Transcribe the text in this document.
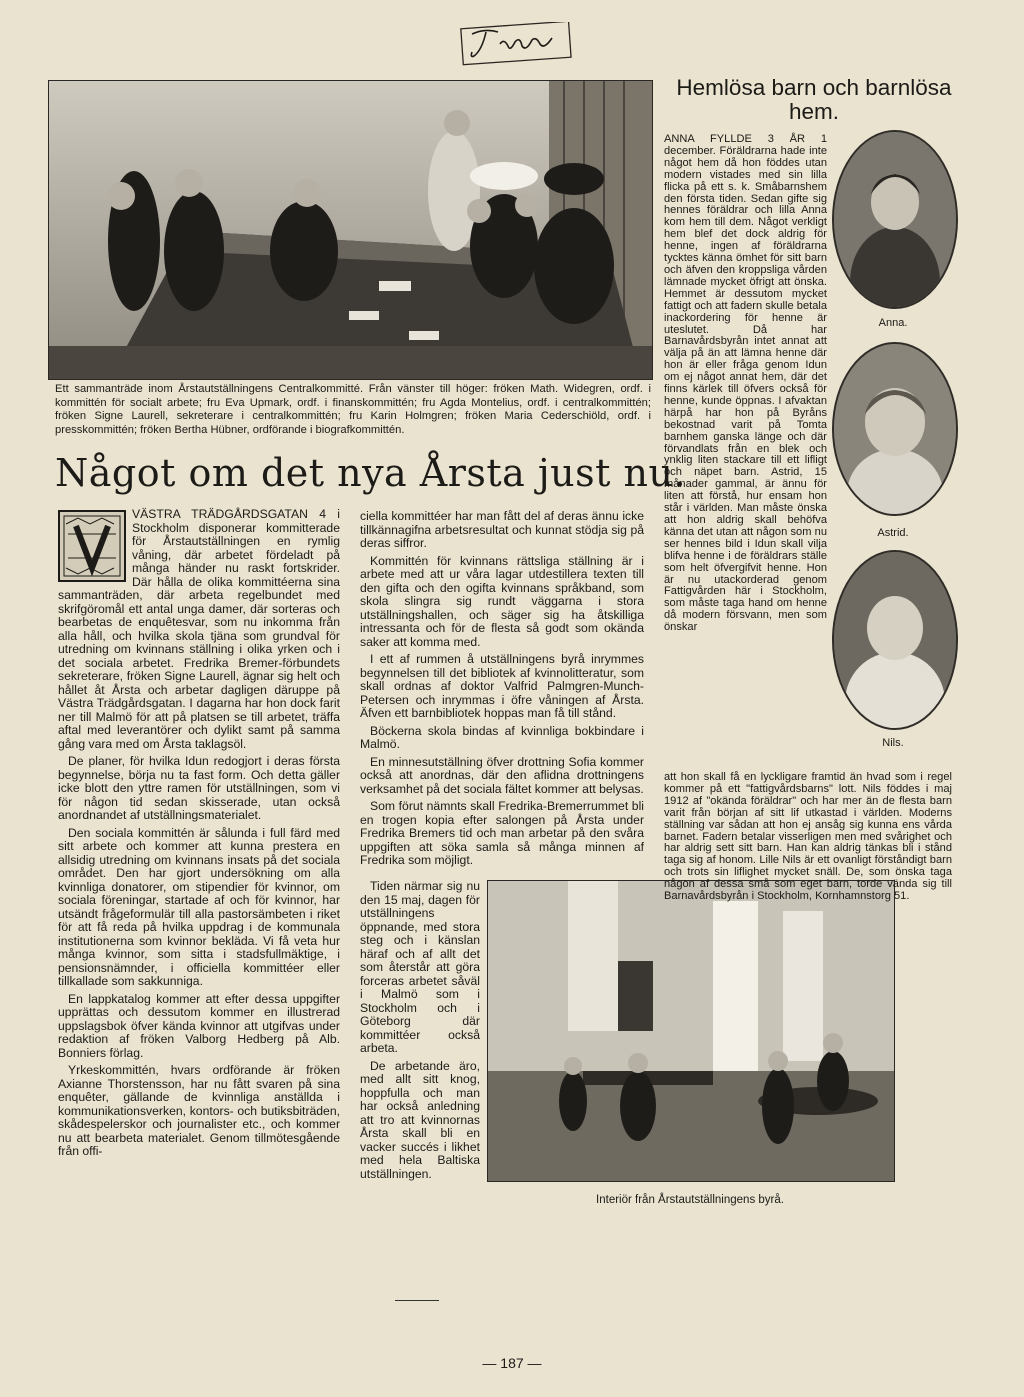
Ett sammanträde inom Årstautställningens Centralkommitté. Från vänster till höger: fröken Math. Widegren, ordf. i kommittén för socialt arbete; fru Eva Upmark, ordf. i finanskommittén; fru Agda Montelius, ordf. i centralkommittén; fröken Signe Laurell, sekreterare i centralkommittén; fru Karin Holmgren; fröken Maria Cederschiöld, ordf. i presskommittén; fröken Bertha Hübner, ordförande i biografkommittén.
Något om det nya Årsta just nu.

VÄSTRA TRÄDGÅRDSGATAN 4 i Stockholm disponerar kommitterade för Årstautställningen en rymlig våning, där arbetet fördeladt på många händer nu raskt fortskrider. Där hålla de olika kommittéerna sina sammanträden, där arbeta regelbundet med skrifgöromål ett antal unga damer, där sorteras och bearbetas de enquêtesvar, som nu inkomma från alla håll, och hvilka skola tjäna som grundval för utredning om kvinnans ställning i olika yrken och i det sociala arbetet. Fredrika Bremer-förbundets sekreterare, fröken Signe Laurell, ägnar sig helt och hållet åt Årsta och arbetar dagligen däruppe på Västra Trädgårdsgatan. I dagarna har hon dock farit ner till Malmö för att på platsen se till arbetet, träffa aftal med leverantörer och dylikt samt på samma gång vara med om Årsta taklagsöl.

De planer, för hvilka Idun redogjort i deras första begynnelse, börja nu ta fast form. Och detta gäller icke blott den yttre ramen för utställningen, som vi för någon tid sedan skisserade, utan också anordnandet af utställningsmaterialet.

Den sociala kommittén är sålunda i full färd med sitt arbete och kommer att kunna prestera en allsidig utredning om kvinnans insats på det sociala området. Den har gjort undersökning om alla kvinnliga donatorer, om stipendier för kvinnor, om sociala föreningar, startade af och för kvinnor, har utsändt frågeformulär till alla pastorsämbeten i riket för att få reda på hvilka uppdrag i de kommunala institutionerna som kvinnor bekläda. Vi få veta hur många kvinnor, som sitta i stadsfullmäktige, i pensionsnämnder, i officiella kommittéer eller tillkallade som sakkunniga.

En lappkatalog kommer att efter dessa uppgifter upprättas och dessutom kommer en illustrerad uppslagsbok öfver kända kvinnor att utgifvas under redaktion af fröken Valborg Hedberg på Alb. Bonniers förlag.

Yrkeskommittén, hvars ordförande är fröken Axianne Thorstensson, har nu fått svaren på sina enquêter, gällande de kvinnliga anställda i kommunikationsverken, kontors- och butiksbiträden, skådespelerskor och journalister etc., och kommer nu att bearbeta materialet. Genom tillmötesgående från offi-

ciella kommittéer har man fått del af deras ännu icke tillkännagifna arbetsresultat och kunnat stödja sig på deras siffror.

Kommittén för kvinnans rättsliga ställning är i arbete med att ur våra lagar utdestillera texten till den gifta och den ogifta kvinnans språkband, som skola slingra sig rundt väggarna i stora utställningshallen, och säger sig ha åtskilliga intressanta och för de flesta så godt som okända saker att komma med.

I ett af rummen å utställningens byrå inrymmes begynnelsen till det bibliotek af kvinnolitteratur, som skall ordnas af doktor Valfrid Palmgren-Munch-Petersen och inrymmas i öfre våningen af Årsta. Äfven ett barnbibliotek hoppas man få till stånd.

Böckerna skola bindas af kvinnliga bokbindare i Malmö.

En minnesutställning öfver drottning Sofia kommer också att anordnas, där den aflidna drottningens verksamhet på det sociala fältet kommer att belysas.

Som förut nämnts skall Fredrika-Bremerrummet bli en trogen kopia efter salongen på Årsta under Fredrika Bremers tid och man arbetar på den svåra uppgiften att söka samla så många minnen af Fredrika som möjligt.

Tiden närmar sig nu den 15 maj, dagen för utställningens öppnande, med stora steg och i känslan häraf och af allt det som återstår att göra forceras arbetet såväl i Malmö som i Stockholm och i Göteborg där kommittéer också arbeta.

De arbetande äro, med allt sitt knog, hoppfulla och man har också anledning att tro att kvinnornas Årsta skall bli en vacker succés i likhet med hela Baltiska utställningen.

Interiör från Årstautställningens byrå.
Hemlösa barn och barnlösa hem.

ANNA FYLLDE 3 ÅR 1 december. Föräldrarna hade inte något hem då hon föddes utan modern vistades med sin lilla flicka på ett s. k. Småbarnshem den första tiden. Sedan gifte sig hennes föräldrar och lilla Anna kom hem till dem. Något verkligt hem blef det dock aldrig för henne, ingen af föräldrarna tycktes känna ömhet för sitt barn och äfven den kroppsliga vården lämnade mycket öfrigt att önska. Hemmet är dessutom mycket fattigt och att fadern skulle betala inackordering för henne är uteslutet. Då har Barnavårdsbyrån intet annat att välja på än att lämna henne där hon är eller fråga genom Idun om ej något annat hem, där det finns kärlek till öfvers också för henne, kunde öppnas. I afvaktan härpå har hon på Byråns bekostnad varit på Tomta barnhem ganska länge och där förvandlats från en blek och ynklig liten stackare till ett lifligt och näpet barn. Astrid, 15 månader gammal, är ännu för liten att förstå, hur ensam hon står i världen. Man måste önska att hon aldrig skall behöfva känna det utan att någon som nu ser hennes bild i Idun skall vilja blifva henne i de föräldrars ställe som helt öfvergifvit henne. Hon är nu utackorderad genom Fattigvården här i Stockholm, som måste taga hand om henne då modern försvann, men som önskar

Anna.
Astrid.
Nils.

att hon skall få en lyckligare framtid än hvad som i regel kommer på ett "fattigvårdsbarns" lott. Nils föddes i maj 1912 af "okända föräldrar" och har mer än de flesta barn varit från början af sitt lif utkastad i världen. Moderns ställning var sådan att hon ej ansåg sig kunna ens vårda barnet. Fadern betalar visserligen men med svårighet och har aldrig sett sitt barn. Han kan aldrig tänkas bli i stånd taga sig af honom. Lille Nils är ett ovanligt förståndigt barn och trots sin liflighet mycket snäll. De, som önska taga någon af dessa små som eget barn, torde vända sig till Barnavårdsbyrån i Stockholm, Kornhamnstorg 51.

— 187 —
